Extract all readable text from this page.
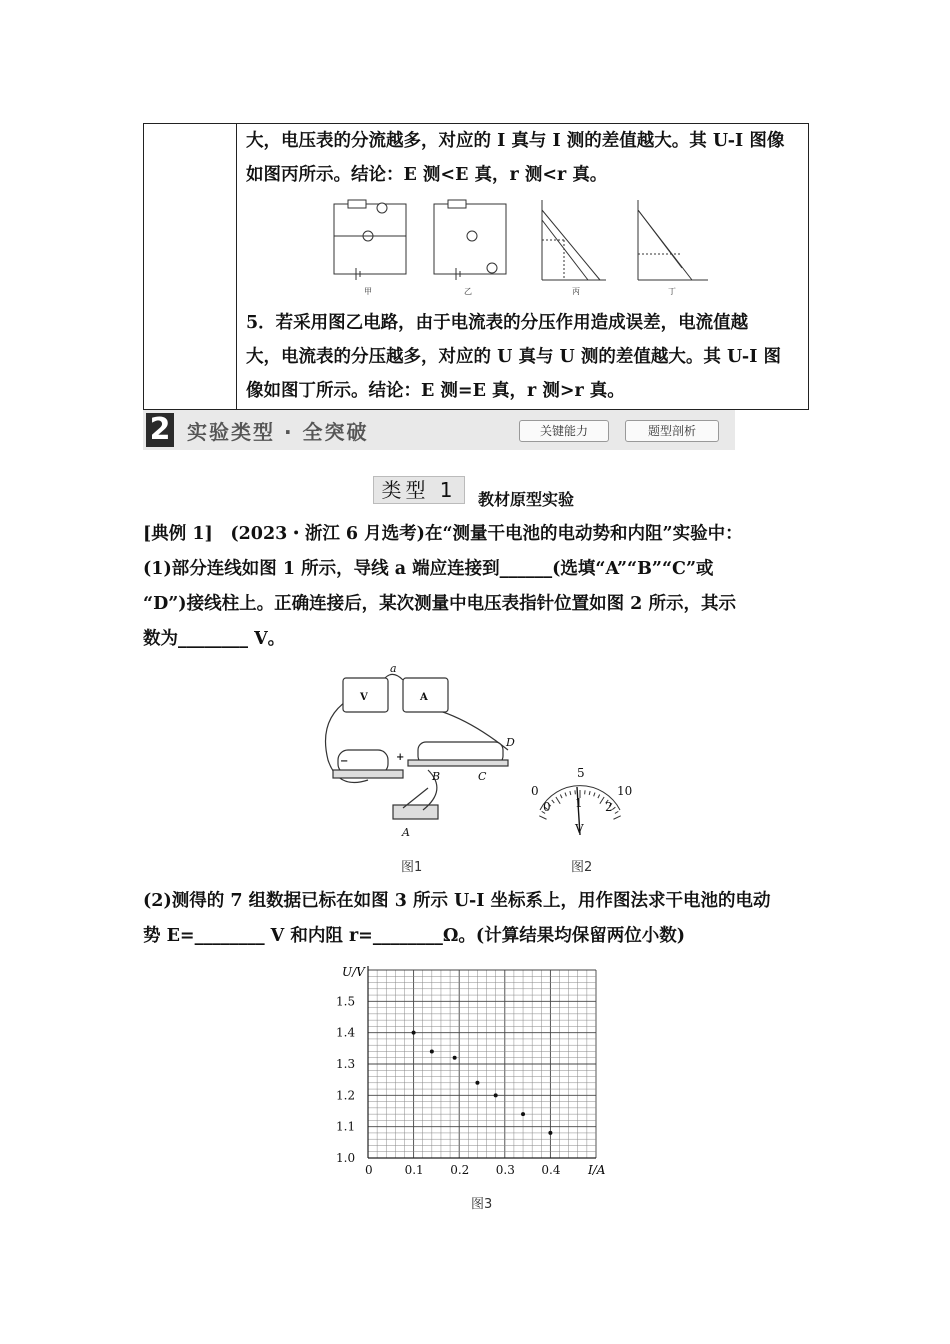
大，电压表的分流越多，对应的 I 真与 I 测的差值越大。其 U-I 图像
如图丙所示。结论：E 测<E 真，r 测<r 真。
甲	乙	丙	丁
5．若采用图乙电路，由于电流表的分压作用造成误差，电流值越
大，电流表的分压越多，对应的 U 真与 U 测的差值越大。其 U-I 图
像如图丁所示。结论：E 测=E 真，r 测>r 真。
2 实验类型 · 全突破	关键能力	题型剖析
类型 1	教材原型实验
[典例 1]　(2023・浙江 6 月选考)在“测量干电池的电动势和内阻”实验中：
(1)部分连线如图 1 所示，导线 a 端应连接到______(选填“A”“B”“C”或
“D”)接线柱上。正确连接后，某次测量中电压表指针位置如图 2 所示，其示
数为________ V。
a
A
B	C
D
V	A
+
−
0
5
10
0 1 2
V
图1	图2
(2)测得的 7 组数据已标在如图 3 所示 U-I 坐标系上，用作图法求干电池的电动
势 E=________ V 和内阻 r=________Ω。(计算结果均保留两位小数)
0	0.1 0.2 0.3 0.4
1.0
1.1
1.2
1.3
1.4
1.5
U/V
I/A
图3
